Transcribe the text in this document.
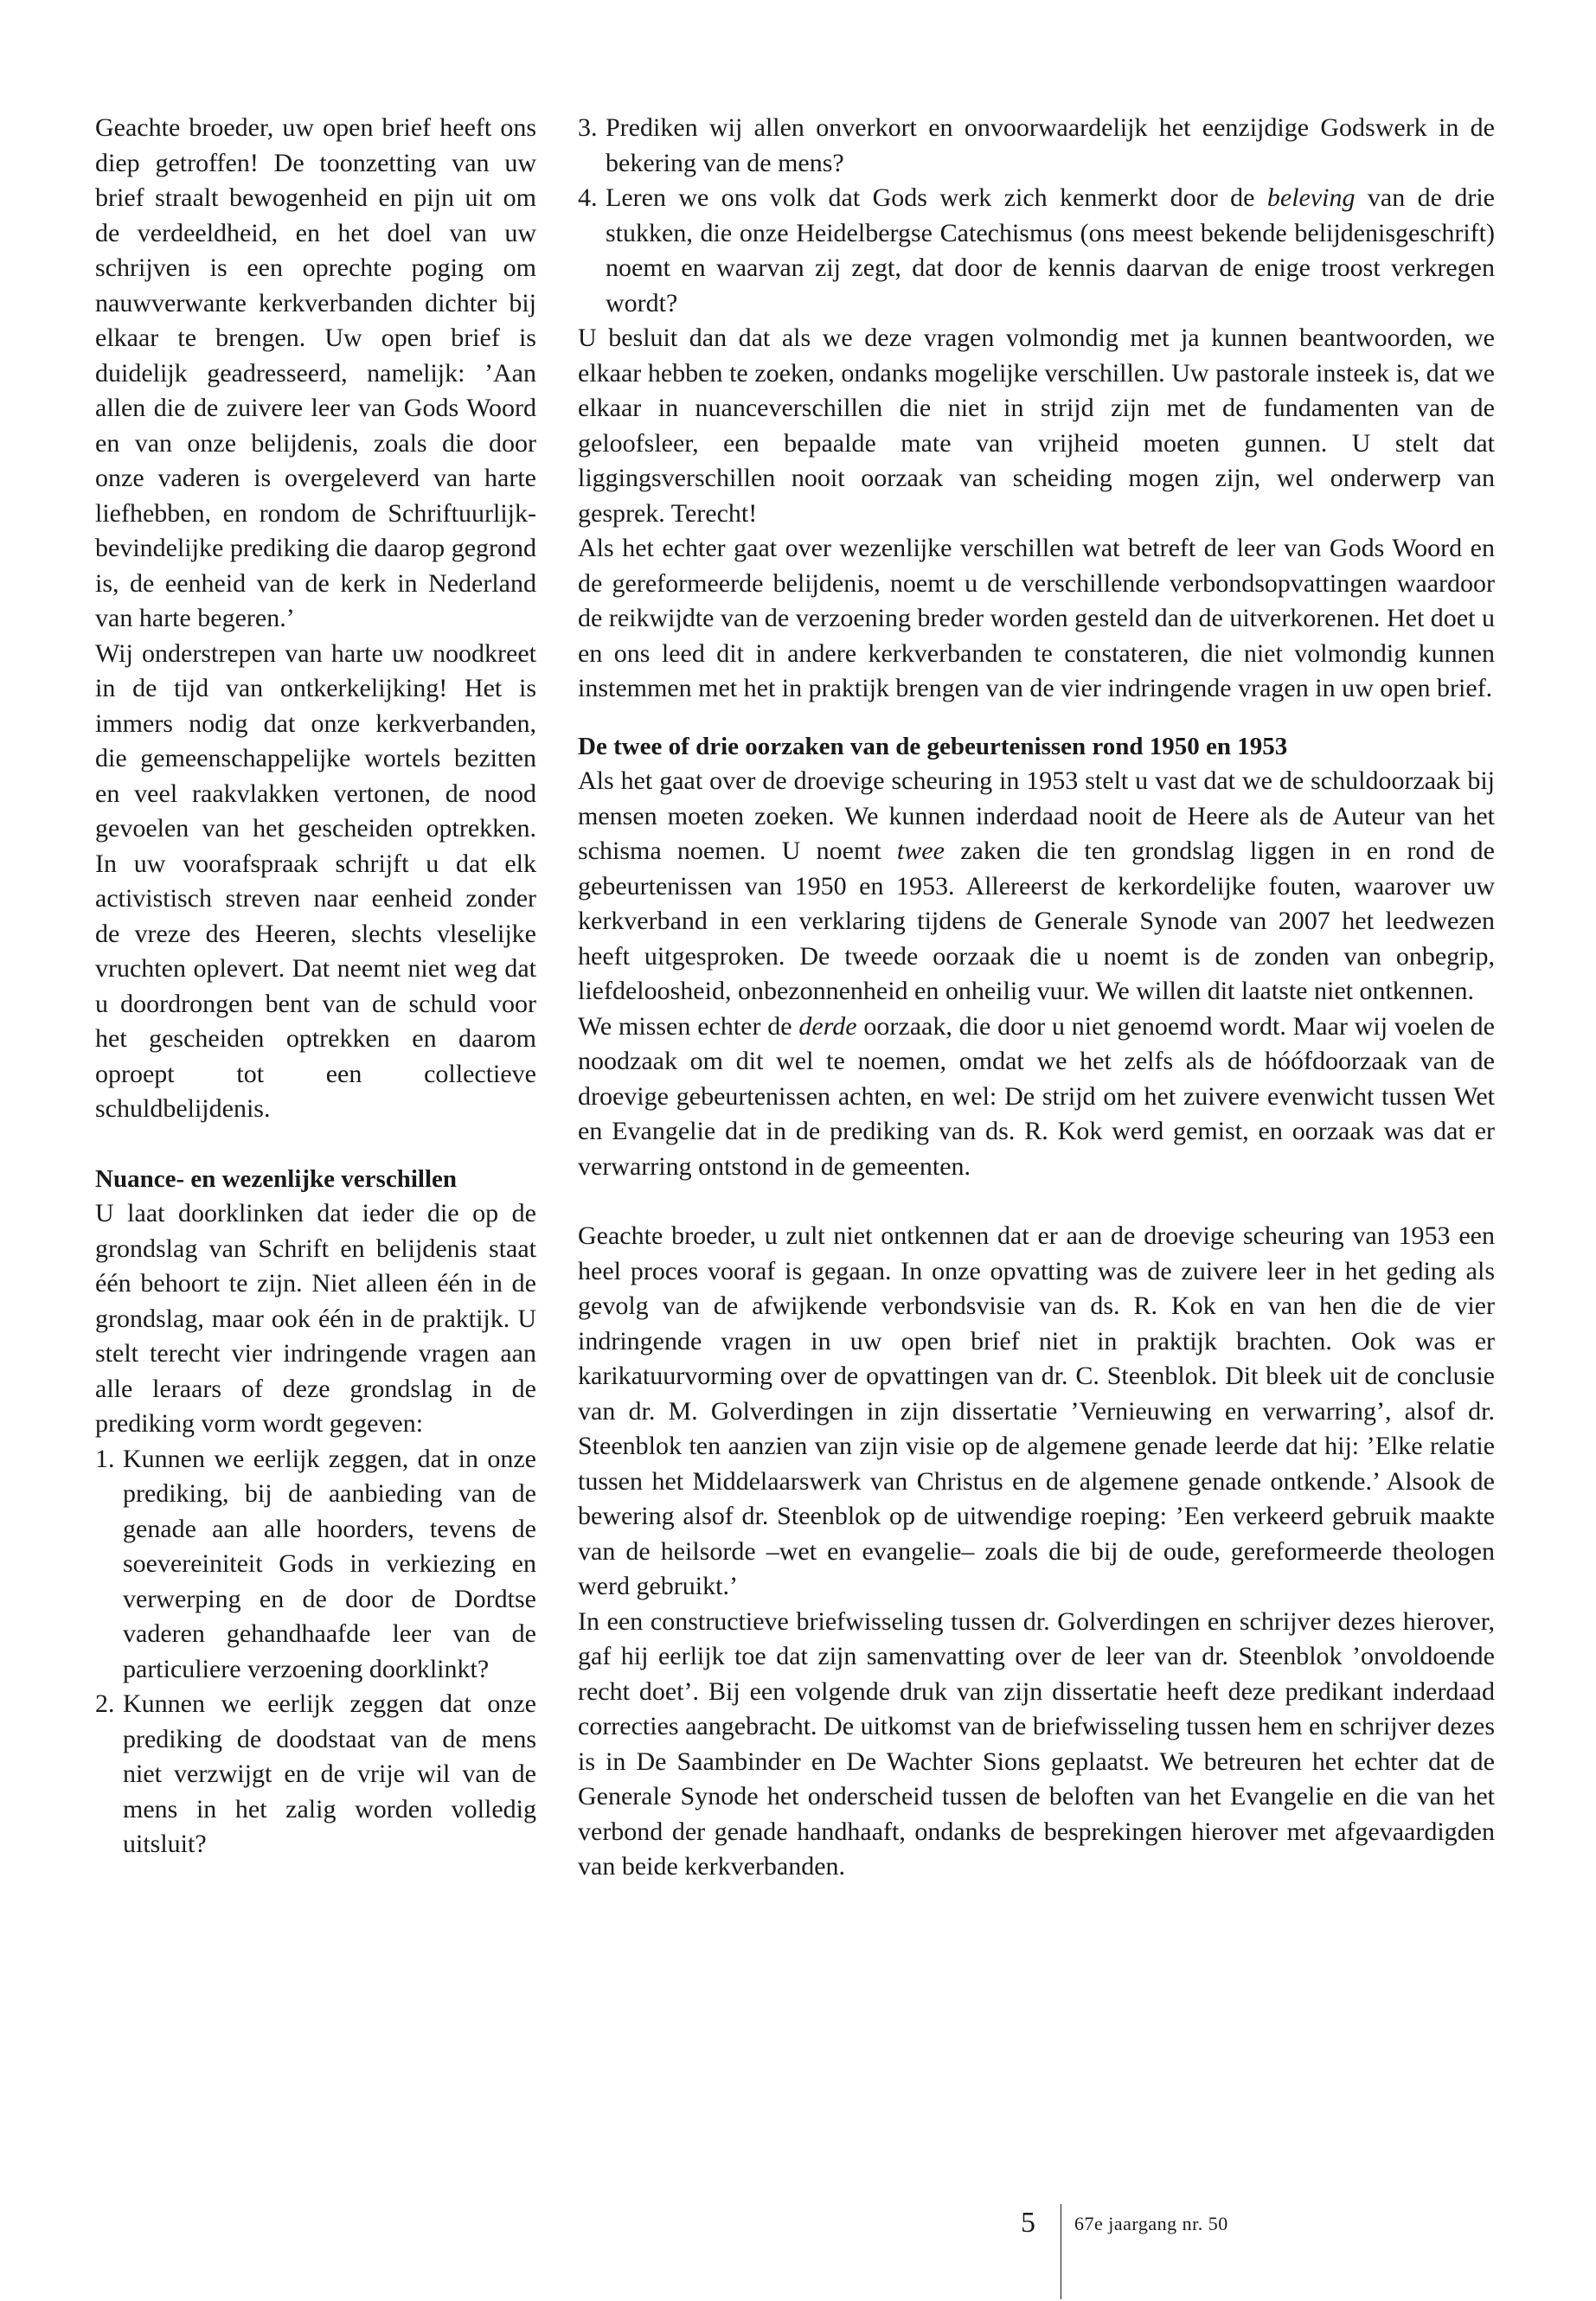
Geachte broeder, uw open brief heeft ons diep getroffen! De toonzetting van uw brief straalt bewogenheid en pijn uit om de verdeeldheid, en het doel van uw schrijven is een oprechte poging om nauwverwante kerkverbanden dichter bij elkaar te brengen. Uw open brief is duidelijk geadresseerd, namelijk: ’Aan allen die de zuivere leer van Gods Woord en van onze belijdenis, zoals die door onze vaderen is overgeleverd van harte liefhebben, en rondom de Schriftuurlijk-bevindelijke prediking die daarop gegrond is, de eenheid van de kerk in Nederland van harte begeren.’

Wij onderstrepen van harte uw noodkreet in de tijd van ontkerkelijking! Het is immers nodig dat onze kerkverbanden, die gemeenschappelijke wortels bezitten en veel raakvlakken vertonen, de nood gevoelen van het gescheiden optrekken. In uw voorafspraak schrijft u dat elk activistisch streven naar eenheid zonder de vreze des Heeren, slechts vleselijke vruchten oplevert. Dat neemt niet weg dat u doordrongen bent van de schuld voor het gescheiden optrekken en daarom oproept tot een collectieve schuldbelijdenis.

Nuance- en wezenlijke verschillen

U laat doorklinken dat ieder die op de grondslag van Schrift en belijdenis staat één behoort te zijn. Niet alleen één in de grondslag, maar ook één in de praktijk. U stelt terecht vier indringende vragen aan alle leraars of deze grondslag in de prediking vorm wordt gegeven:

1. Kunnen we eerlijk zeggen, dat in onze prediking, bij de aanbieding van de genade aan alle hoorders, tevens de soevereiniteit Gods in verkiezing en verwerping en de door de Dordtse vaderen gehandhaafde leer van de particuliere verzoening doorklinkt?
2. Kunnen we eerlijk zeggen dat onze prediking de doodstaat van de mens niet verzwijgt en de vrije wil van de mens in het zalig worden volledig uitsluit?
3. Prediken wij allen onverkort en onvoorwaardelijk het eenzijdige Godswerk in de bekering van de mens?
4. Leren we ons volk dat Gods werk zich kenmerkt door de beleving van de drie stukken, die onze Heidelbergse Catechismus (ons meest bekende belijdenisgeschrift) noemt en waarvan zij zegt, dat door de kennis daarvan de enige troost verkregen wordt?

U besluit dan dat als we deze vragen volmondig met ja kunnen beantwoorden, we elkaar hebben te zoeken, ondanks mogelijke verschillen. Uw pastorale insteek is, dat we elkaar in nuanceverschillen die niet in strijd zijn met de fundamenten van de geloofsleer, een bepaalde mate van vrijheid moeten gunnen. U stelt dat liggingsverschillen nooit oorzaak van scheiding mogen zijn, wel onderwerp van gesprek. Terecht!

Als het echter gaat over wezenlijke verschillen wat betreft de leer van Gods Woord en de gereformeerde belijdenis, noemt u de verschillende verbondsopvattingen waardoor de reikwijdte van de verzoening breder worden gesteld dan de uitverkorenen. Het doet u en ons leed dit in andere kerkverbanden te constateren, die niet volmondig kunnen instemmen met het in praktijk brengen van de vier indringende vragen in uw open brief.

De twee of drie oorzaken van de gebeurtenissen rond 1950 en 1953

Als het gaat over de droevige scheuring in 1953 stelt u vast dat we de schuldoorzaak bij mensen moeten zoeken. We kunnen inderdaad nooit de Heere als de Auteur van het schisma noemen. U noemt twee zaken die ten grondslag liggen in en rond de gebeurtenissen van 1950 en 1953. Allereerst de kerkordelijke fouten, waarover uw kerkverband in een verklaring tijdens de Generale Synode van 2007 het leedwezen heeft uitgesproken. De tweede oorzaak die u noemt is de zonden van onbegrip, liefdeloosheid, onbezonnenheid en onheilig vuur. We willen dit laatste niet ontkennen.

We missen echter de derde oorzaak, die door u niet genoemd wordt. Maar wij voelen de noodzaak om dit wel te noemen, omdat we het zelfs als de hóófdoorzaak van de droevige gebeurtenissen achten, en wel: De strijd om het zuivere evenwicht tussen Wet en Evangelie dat in de prediking van ds. R. Kok werd gemist, en oorzaak was dat er verwarring ontstond in de gemeenten.

Geachte broeder, u zult niet ontkennen dat er aan de droevige scheuring van 1953 een heel proces vooraf is gegaan. In onze opvatting was de zuivere leer in het geding als gevolg van de afwijkende verbondsvisie van ds. R. Kok en van hen die de vier indringende vragen in uw open brief niet in praktijk brachten. Ook was er karikatuurvorming over de opvattingen van dr. C. Steenblok. Dit bleek uit de conclusie van dr. M. Golverdingen in zijn dissertatie ’Vernieuwing en verwarring’, alsof dr. Steenblok ten aanzien van zijn visie op de algemene genade leerde dat hij: ’Elke relatie tussen het Middelaarswerk van Christus en de algemene genade ontkende.’ Alsook de bewering alsof dr. Steenblok op de uitwendige roeping: ’Een verkeerd gebruik maakte van de heilsorde –wet en evangelie– zoals die bij de oude, gereformeerde theologen werd gebruikt.’

In een constructieve briefwisseling tussen dr. Golverdingen en schrijver dezes hierover, gaf hij eerlijk toe dat zijn samenvatting over de leer van dr. Steenblok ’onvoldoende recht doet’. Bij een volgende druk van zijn dissertatie heeft deze predikant inderdaad correcties aangebracht. De uitkomst van de briefwisseling tussen hem en schrijver dezes is in De Saambinder en De Wachter Sions geplaatst. We betreuren het echter dat de Generale Synode het onderscheid tussen de beloften van het Evangelie en die van het verbond der genade handhaaft, ondanks de besprekingen hierover met afgevaardigden van beide kerkverbanden.

5 67e jaargang nr. 50
